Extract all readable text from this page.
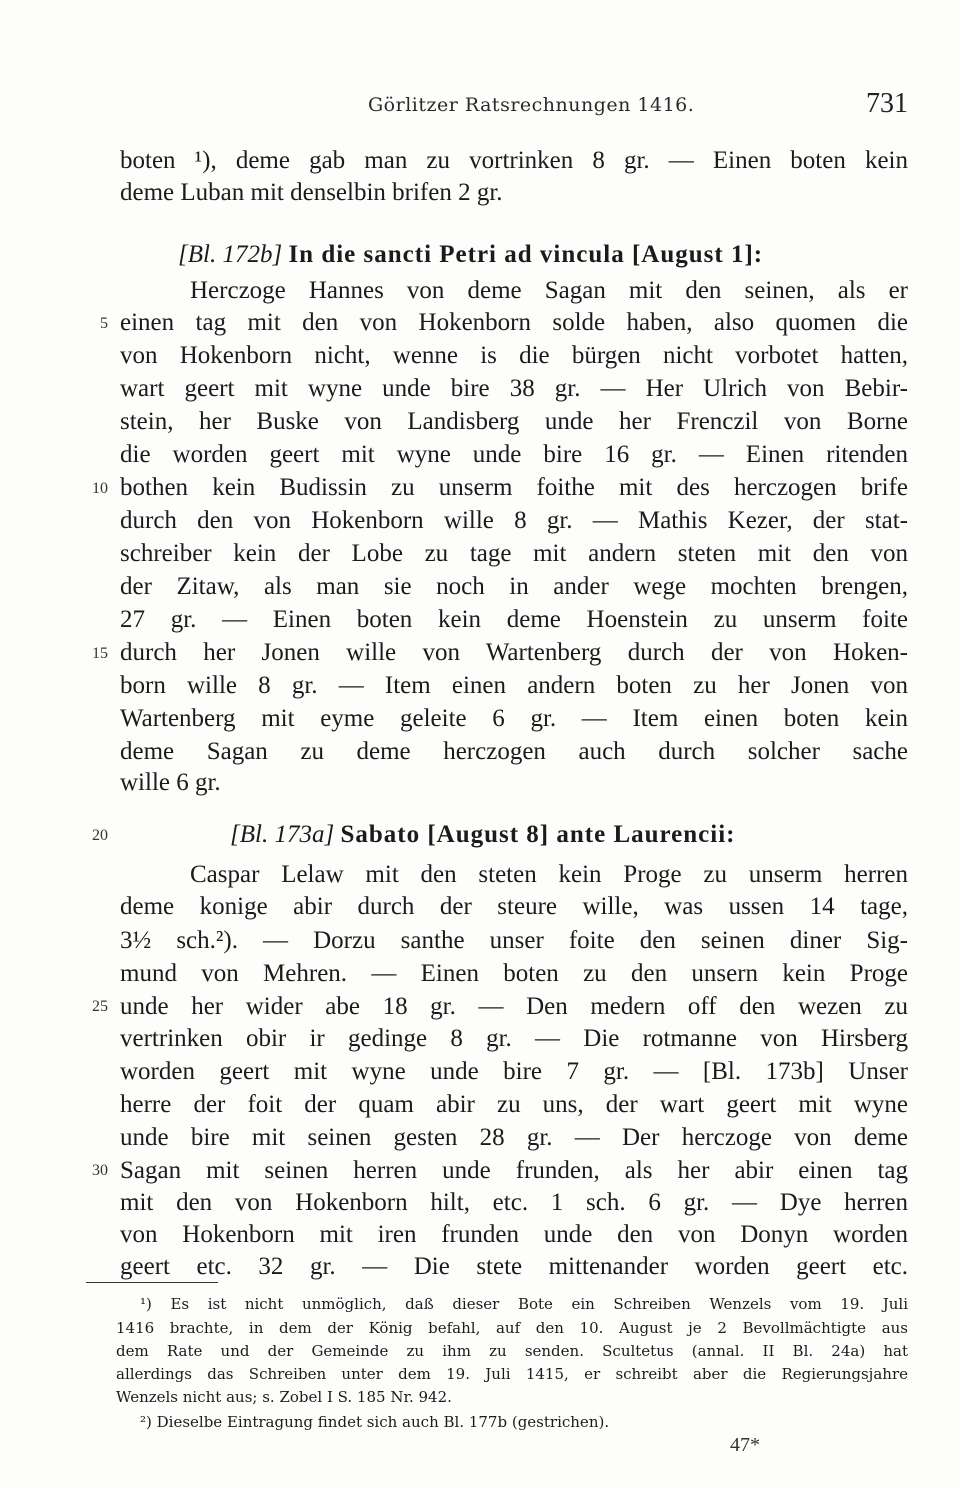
Görlitzer Ratsrechnungen 1416.	731
boten ¹), deme gab man zu vortrinken 8 gr. — Einen boten kein
deme Luban mit denselbin brifen 2 gr.
[Bl. 172b] In die sancti Petri ad vincula [August 1]:
Herczoge Hannes von deme Sagan mit den seinen, als er
einen tag mit den von Hokenborn solde haben, also quomen die
von Hokenborn nicht, wenne is die bürgen nicht vorbotet hatten,
wart geert mit wyne unde bire 38 gr. — Her Ulrich von Bebir-
stein, her Buske von Landisberg unde her Frenczil von Borne
die worden geert mit wyne unde bire 16 gr. — Einen ritenden
bothen kein Budissin zu unserm foithe mit des herczogen brife
durch den von Hokenborn wille 8 gr. — Mathis Kezer, der stat-
schreiber kein der Lobe zu tage mit andern steten mit den von
der Zitaw, als man sie noch in ander wege mochten brengen,
27 gr. — Einen boten kein deme Hoenstein zu unserm foite
durch her Jonen wille von Wartenberg durch der von Hoken-
born wille 8 gr. — Item einen andern boten zu her Jonen von
Wartenberg mit eyme geleite 6 gr. — Item einen boten kein
deme Sagan zu deme herczogen auch durch solcher sache
wille 6 gr.
[Bl. 173a] Sabato [August 8] ante Laurencii:
Caspar Lelaw mit den steten kein Proge zu unserm herren
deme konige abir durch der steure wille, was ussen 14 tage,
3½ sch.²). — Dorzu santhe unser foite den seinen diner Sig-
mund von Mehren. — Einen boten zu den unsern kein Proge
unde her wider abe 18 gr. — Den medern off den wezen zu
vertrinken obir ir gedinge 8 gr. — Die rotmanne von Hirsberg
worden geert mit wyne unde bire 7 gr. — [Bl. 173b] Unser
herre der foit der quam abir zu uns, der wart geert mit wyne
unde bire mit seinen gesten 28 gr. — Der herczoge von deme
Sagan mit seinen herren unde frunden, als her abir einen tag
mit den von Hokenborn hilt, etc. 1 sch. 6 gr. — Dye herren
von Hokenborn mit iren frunden unde den von Donyn worden
geert etc. 32 gr. — Die stete mittenander worden geert etc.
5
10
15
20
25
30
¹) Es ist nicht unmöglich, daß dieser Bote ein Schreiben Wenzels vom 19. Juli
1416 brachte, in dem der König befahl, auf den 10. August je 2 Bevollmächtigte aus
dem Rate und der Gemeinde zu ihm zu senden. Scultetus (annal. II Bl. 24a) hat
allerdings das Schreiben unter dem 19. Juli 1415, er schreibt aber die Regierungsjahre
Wenzels nicht aus; s. Zobel I S. 185 Nr. 942.
²) Dieselbe Eintragung findet sich auch Bl. 177b (gestrichen).
47*
